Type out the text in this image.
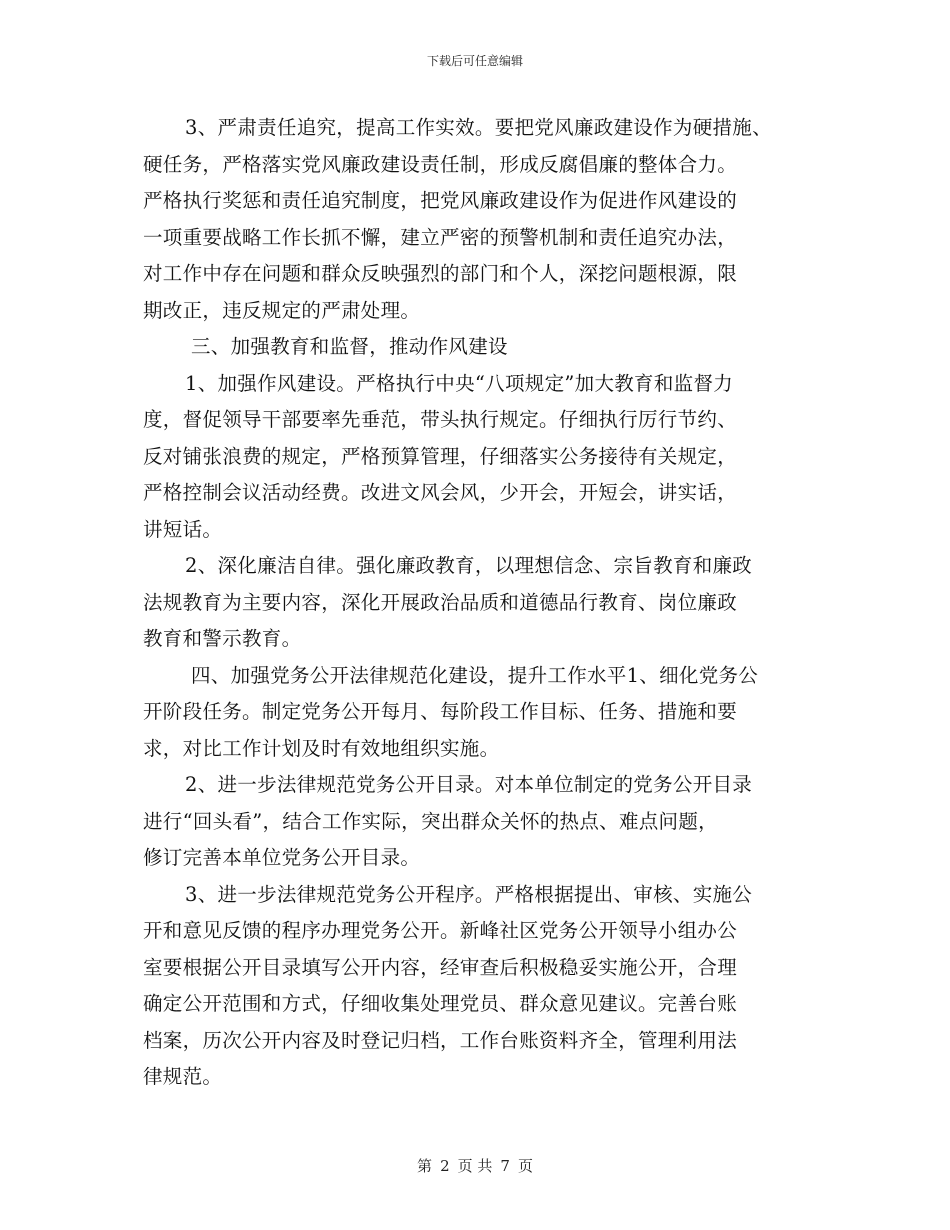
下载后可任意编辑
3、严肃责任追究，提高工作实效。要把党风廉政建设作为硬措施、
硬任务，严格落实党风廉政建设责任制，形成反腐倡廉的整体合力。
严格执行奖惩和责任追究制度，把党风廉政建设作为促进作风建设的
一项重要战略工作长抓不懈，建立严密的预警机制和责任追究办法，
对工作中存在问题和群众反映强烈的部门和个人，深挖问题根源，限
期改正，违反规定的严肃处理。
三、加强教育和监督，推动作风建设
1、加强作风建设。严格执行中央“八项规定”加大教育和监督力
度，督促领导干部要率先垂范，带头执行规定。仔细执行厉行节约、
反对铺张浪费的规定，严格预算管理，仔细落实公务接待有关规定，
严格控制会议活动经费。改进文风会风，少开会，开短会，讲实话，
讲短话。
2、深化廉洁自律。强化廉政教育，以理想信念、宗旨教育和廉政
法规教育为主要内容，深化开展政治品质和道德品行教育、岗位廉政
教育和警示教育。
四、加强党务公开法律规范化建设，提升工作水平1、细化党务公
开阶段任务。制定党务公开每月、每阶段工作目标、任务、措施和要
求，对比工作计划及时有效地组织实施。
2、进一步法律规范党务公开目录。对本单位制定的党务公开目录
进行“回头看”，结合工作实际，突出群众关怀的热点、难点问题，
修订完善本单位党务公开目录。
3、进一步法律规范党务公开程序。严格根据提出、审核、实施公
开和意见反馈的程序办理党务公开。新峰社区党务公开领导小组办公
室要根据公开目录填写公开内容，经审查后积极稳妥实施公开，合理
确定公开范围和方式，仔细收集处理党员、群众意见建议。完善台账
档案，历次公开内容及时登记归档，工作台账资料齐全，管理利用法
律规范。
第 2 页 共 7 页
